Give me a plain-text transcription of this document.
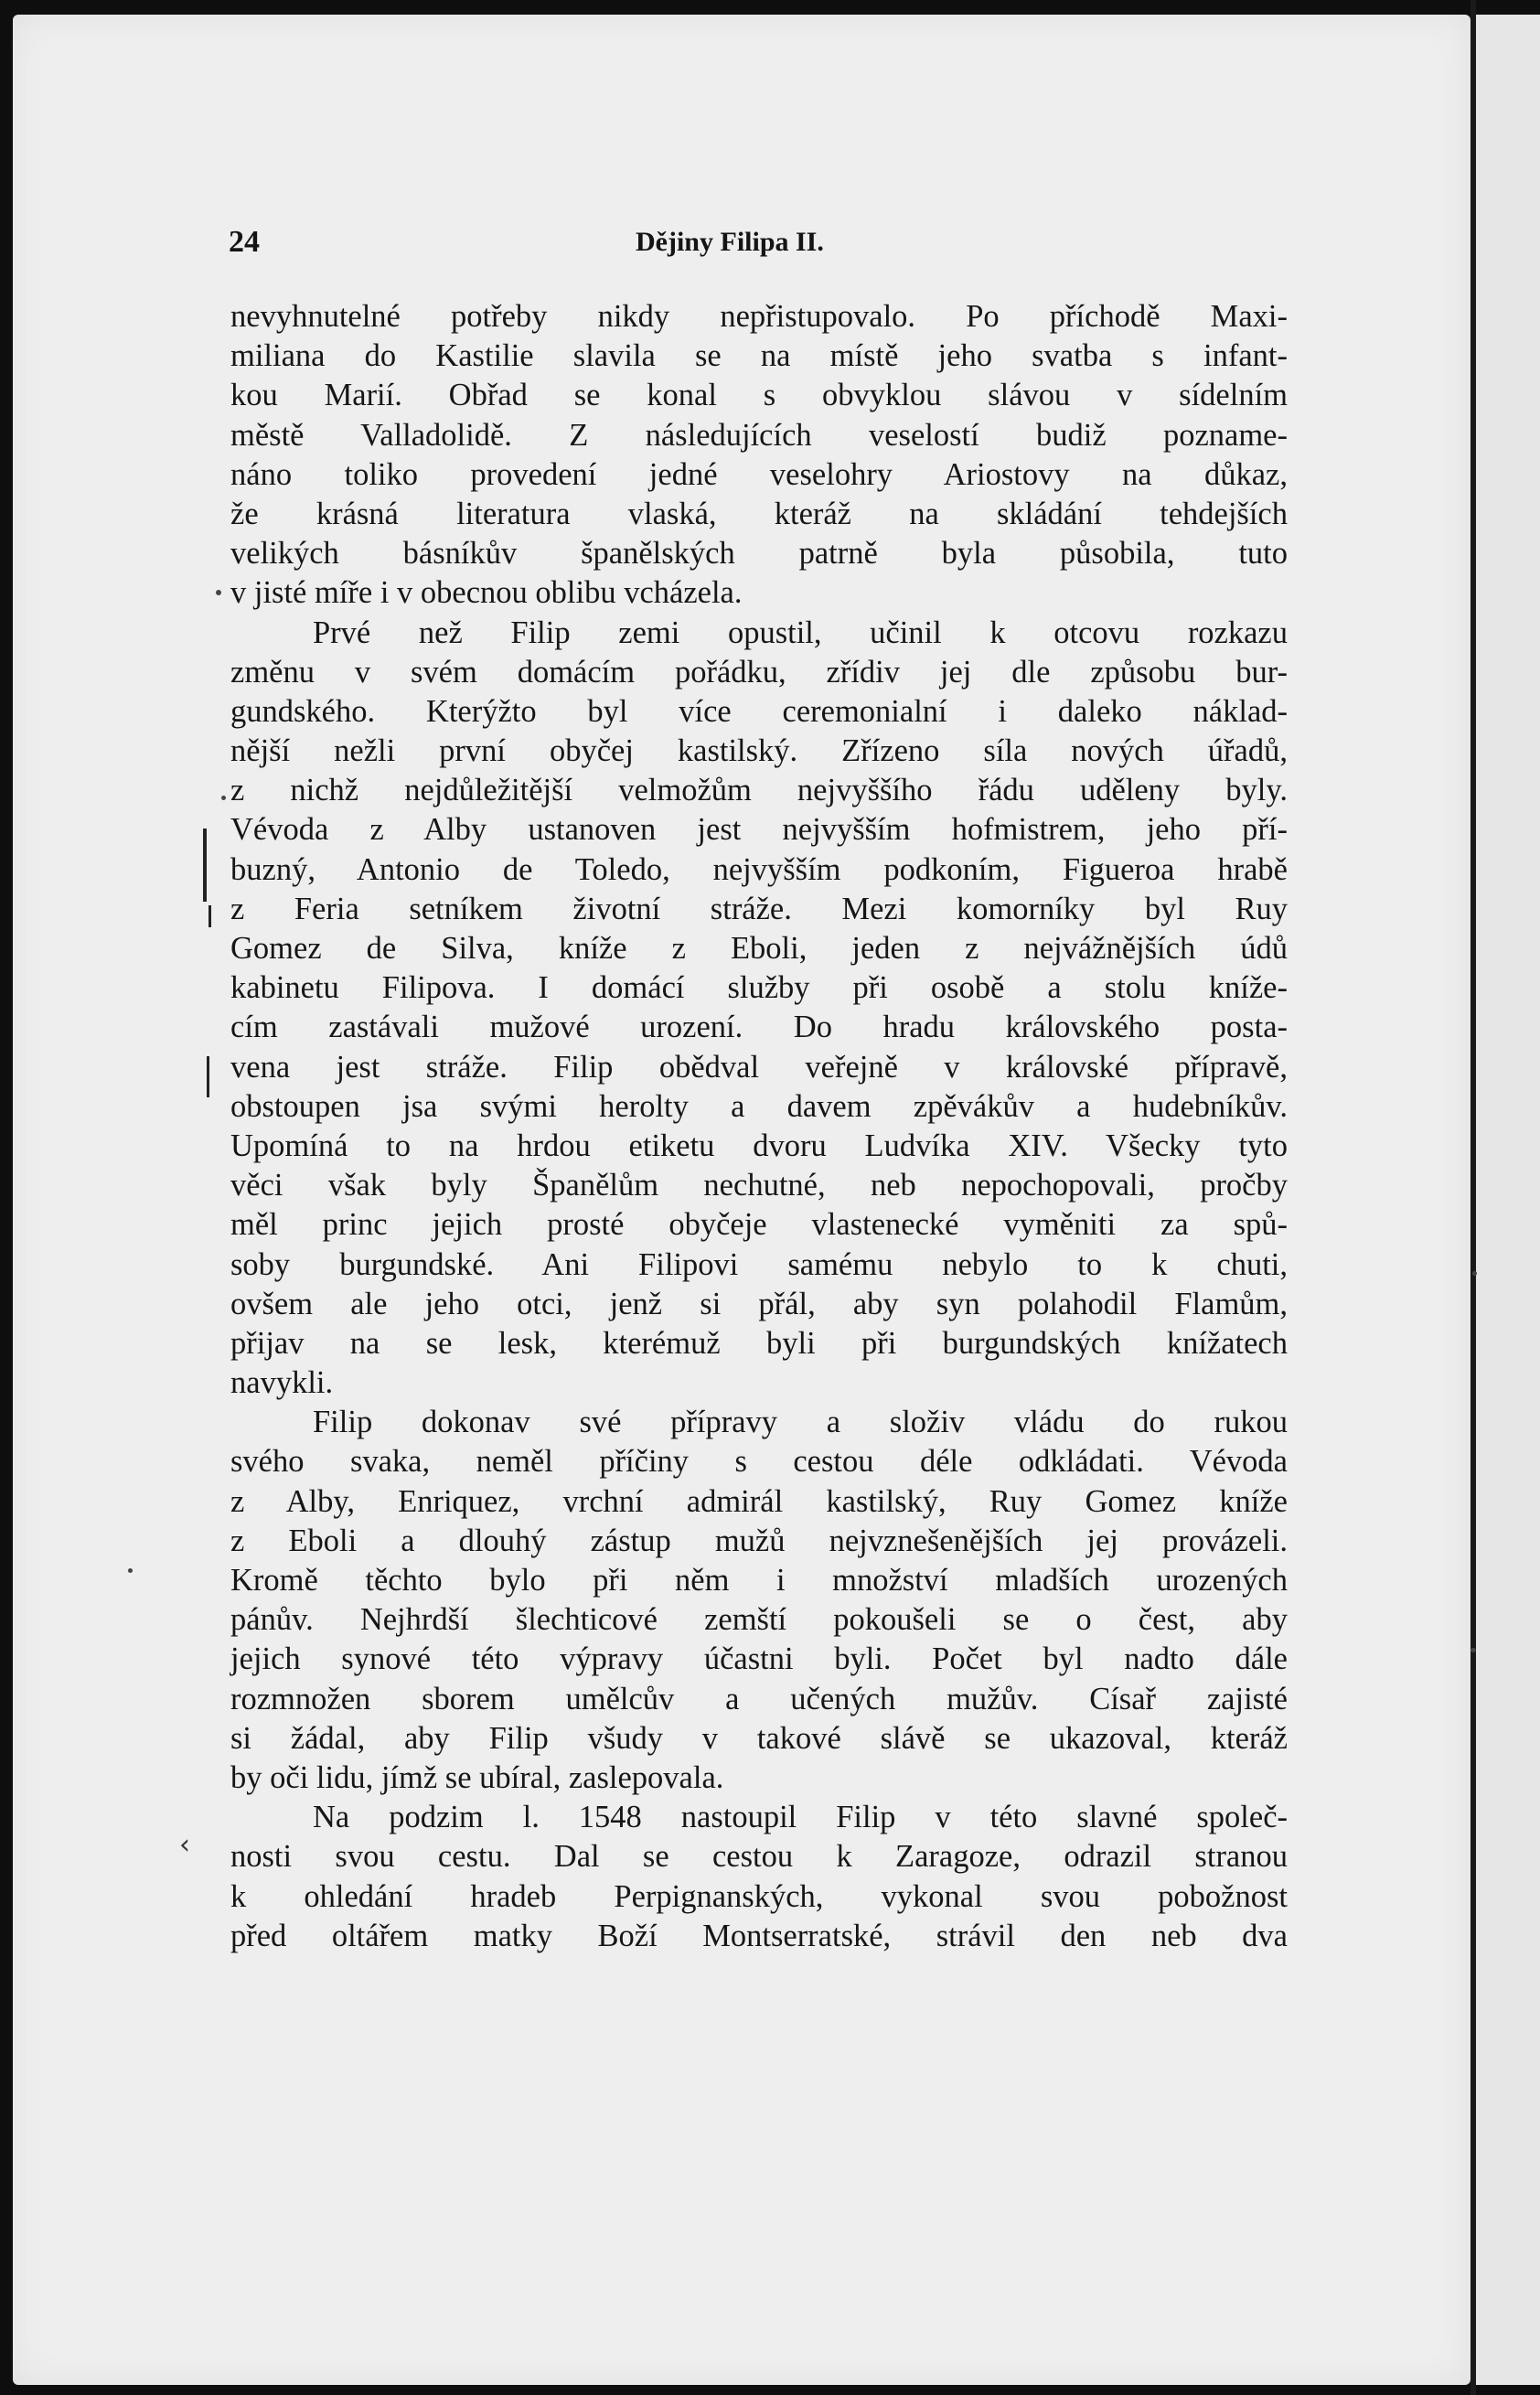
24	Dějiny Filipa II.
nevyhnutelné potřeby nikdy nepřistupovalo. Po příchodě Maxi-
miliana do Kastilie slavila se na místě jeho svatba s infant-
kou Marií. Obřad se konal s obvyklou slávou v sídelním
městě Valladolidě. Z následujících veselostí budiž poznamе-
náno toliko provedení jedné veselohry Ariostovy na důkaz,
že krásná literatura vlaská, kteráž na skládání tehdejších
velikých básníkův španělských patrně byla působila, tuto
v jisté míře i v obecnou oblibu vcházela.
Prvé než Filip zemi opustil, učinil k otcovu rozkazu
změnu v svém domácím pořádku, zřídiv jej dle způsobu bur-
gundského. Kterýžto byl více ceremonialní i daleko náklad-
nější nežli první obyčej kastilský. Zřízeno síla nových úřadů,
z nichž nejdůležitější velmožům nejvyššího řádu uděleny byly.
Vévoda z Alby ustanoven jest nejvyšším hofmistrem, jeho pří-
buzný, Antonio de Toledo, nejvyšším podkoním, Figueroa hrabě
z Feria setníkem životní stráže. Mezi komorníky byl Ruy
Gomez de Silva, kníže z Eboli, jeden z nejvážnějších údů
kabinetu Filipova. I domácí služby při osobě a stolu kníže-
cím zastávali mužové urození. Do hradu královského posta-
vena jest stráže. Filip obědval veřejně v královské přípravě,
obstoupen jsa svými herolty a davem zpěvákův a hudebníkův.
Upomíná to na hrdou etiketu dvoru Ludvíka XIV. Všecky tyto
věci však byly Španělům nechutné, neb nepochopovali, pročby
měl princ jejich prosté obyčeje vlastenecké vyměniti za spů-
soby burgundské. Ani Filipovi samému nebylo to k chuti,
ovšem ale jeho otci, jenž si přál, aby syn polahodil Flamům,
přijav na se lesk, kterémuž byli při burgundských knížatech
navykli.
Filip dokonav své přípravy a složiv vládu do rukou
svého svaka, neměl příčiny s cestou déle odkládati. Vévoda
z Alby, Enriquez, vrchní admirál kastilský, Ruy Gomez kníže
z Eboli a dlouhý zástup mužů nejvznešenějších jej provázeli.
Kromě těchto bylo při něm i množství mladších urozených
pánův. Nejhrdší šlechticové zemští pokoušeli se o čest, aby
jejich synové této výpravy účastni byli. Počet byl nadto dále
rozmnožen sborem umělcův a učených mužův. Císař zajisté
si žádal, aby Filip všudy v takové slávě se ukazoval, kteráž
by oči lidu, jímž se ubíral, zaslepovala.
Na podzim l. 1548 nastoupil Filip v této slavné společ-
nosti svou cestu. Dal se cestou k Zaragoze, odrazil stranou
k ohledání hradeb Perpignanských, vykonal svou pobožnost
před oltářem matky Boží Montserratské, strávil den neb dva
‹
